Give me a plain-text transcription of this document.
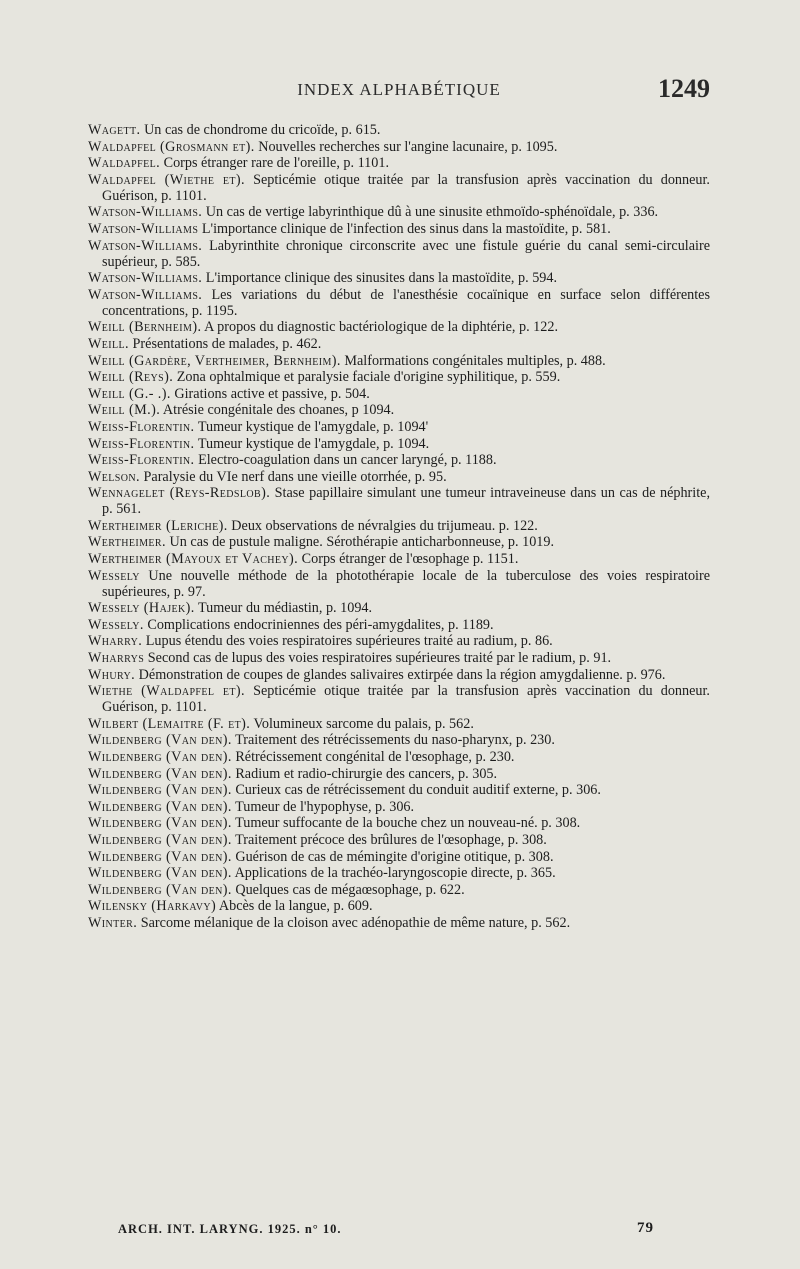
INDEX ALPHABÉTIQUE	1249

Wagett. Un cas de chondrome du cricoïde, p. 615.

Waldapfel (Grosmann et). Nouvelles recherches sur l'angine lacunaire, p. 1095.

Waldapfel. Corps étranger rare de l'oreille, p. 1101.

Waldapfel (Wiethe et). Septicémie otique traitée par la transfusion après vaccination du donneur. Guérison, p. 1101.

Watson-Williams. Un cas de vertige labyrinthique dû à une sinusite ethmoïdo-sphénoïdale, p. 336.

Watson-Williams L'importance clinique de l'infection des sinus dans la mastoïdite, p. 581.

Watson-Williams. Labyrinthite chronique circonscrite avec une fistule guérie du canal semi-circulaire supérieur, p. 585.

Watson-Williams. L'importance clinique des sinusites dans la mastoïdite, p. 594.

Watson-Williams. Les variations du début de l'anesthésie cocaïnique en surface selon différentes concentrations, p. 1195.

Weill (Bernheim). A propos du diagnostic bactériologique de la diphtérie, p. 122.

Weill. Présentations de malades, p. 462.

Weill (Gardère, Vertheimer, Bernheim). Malformations congénitales multiples, p. 488.

Weill (Reys). Zona ophtalmique et paralysie faciale d'origine syphilitique, p. 559.

Weill (G.- .). Girations active et passive, p. 504.

Weill (M.). Atrésie congénitale des choanes, p 1094.

Weiss-Florentin. Tumeur kystique de l'amygdale, p. 1094'

Weiss-Florentin. Tumeur kystique de l'amygdale, p. 1094.

Weiss-Florentin. Electro-coagulation dans un cancer laryngé, p. 1188.

Welson. Paralysie du VIe nerf dans une vieille otorrhée, p. 95.

Wennagelet (Reys-Redslob). Stase papillaire simulant une tumeur intraveineuse dans un cas de néphrite, p. 561.

Wertheimer (Leriche). Deux observations de névralgies du trijumeau. p. 122.

Wertheimer. Un cas de pustule maligne. Sérothérapie anticharbonneuse, p. 1019.

Wertheimer (Mayoux et Vachey). Corps étranger de l'œsophage p. 1151.

Wessely Une nouvelle méthode de la photothérapie locale de la tuberculose des voies respiratoire supérieures, p. 97.

Wessely (Hajek). Tumeur du médiastin, p. 1094.

Wessely. Complications endocriniennes des péri-amygdalites, p. 1189.

Wharry. Lupus étendu des voies respiratoires supérieures traité au radium, p. 86.

Wharrys Second cas de lupus des voies respiratoires supérieures traité par le radium, p. 91.

Whury. Démonstration de coupes de glandes salivaires extirpée dans la région amygdalienne. p. 976.

Wiethe (Waldapfel et). Septicémie otique traitée par la transfusion après vaccination du donneur. Guérison, p. 1101.

Wilbert (Lemaitre (F. et). Volumineux sarcome du palais, p. 562.

Wildenberg (Van den). Traitement des rétrécissements du naso-pharynx, p. 230.

Wildenberg (Van den). Rétrécissement congénital de l'œsophage, p. 230.

Wildenberg (Van den). Radium et radio-chirurgie des cancers, p. 305.

Wildenberg (Van den). Curieux cas de rétrécissement du conduit auditif externe, p. 306.

Wildenberg (Van den). Tumeur de l'hypophyse, p. 306.

Wildenberg (Van den). Tumeur suffocante de la bouche chez un nouveau-né. p. 308.

Wildenberg (Van den). Traitement précoce des brûlures de l'œsophage, p. 308.

Wildenberg (Van den). Guérison de cas de mémingite d'origine otitique, p. 308.

Wildenberg (Van den). Applications de la trachéo-laryngoscopie directe, p. 365.

Wildenberg (Van den). Quelques cas de mégaœsophage, p. 622.

Wilensky (Harkavy) Abcès de la langue, p. 609.

Winter. Sarcome mélanique de la cloison avec adénopathie de même nature, p. 562.

ARCH. INT. LARYNG. 1925. n° 10.	79
